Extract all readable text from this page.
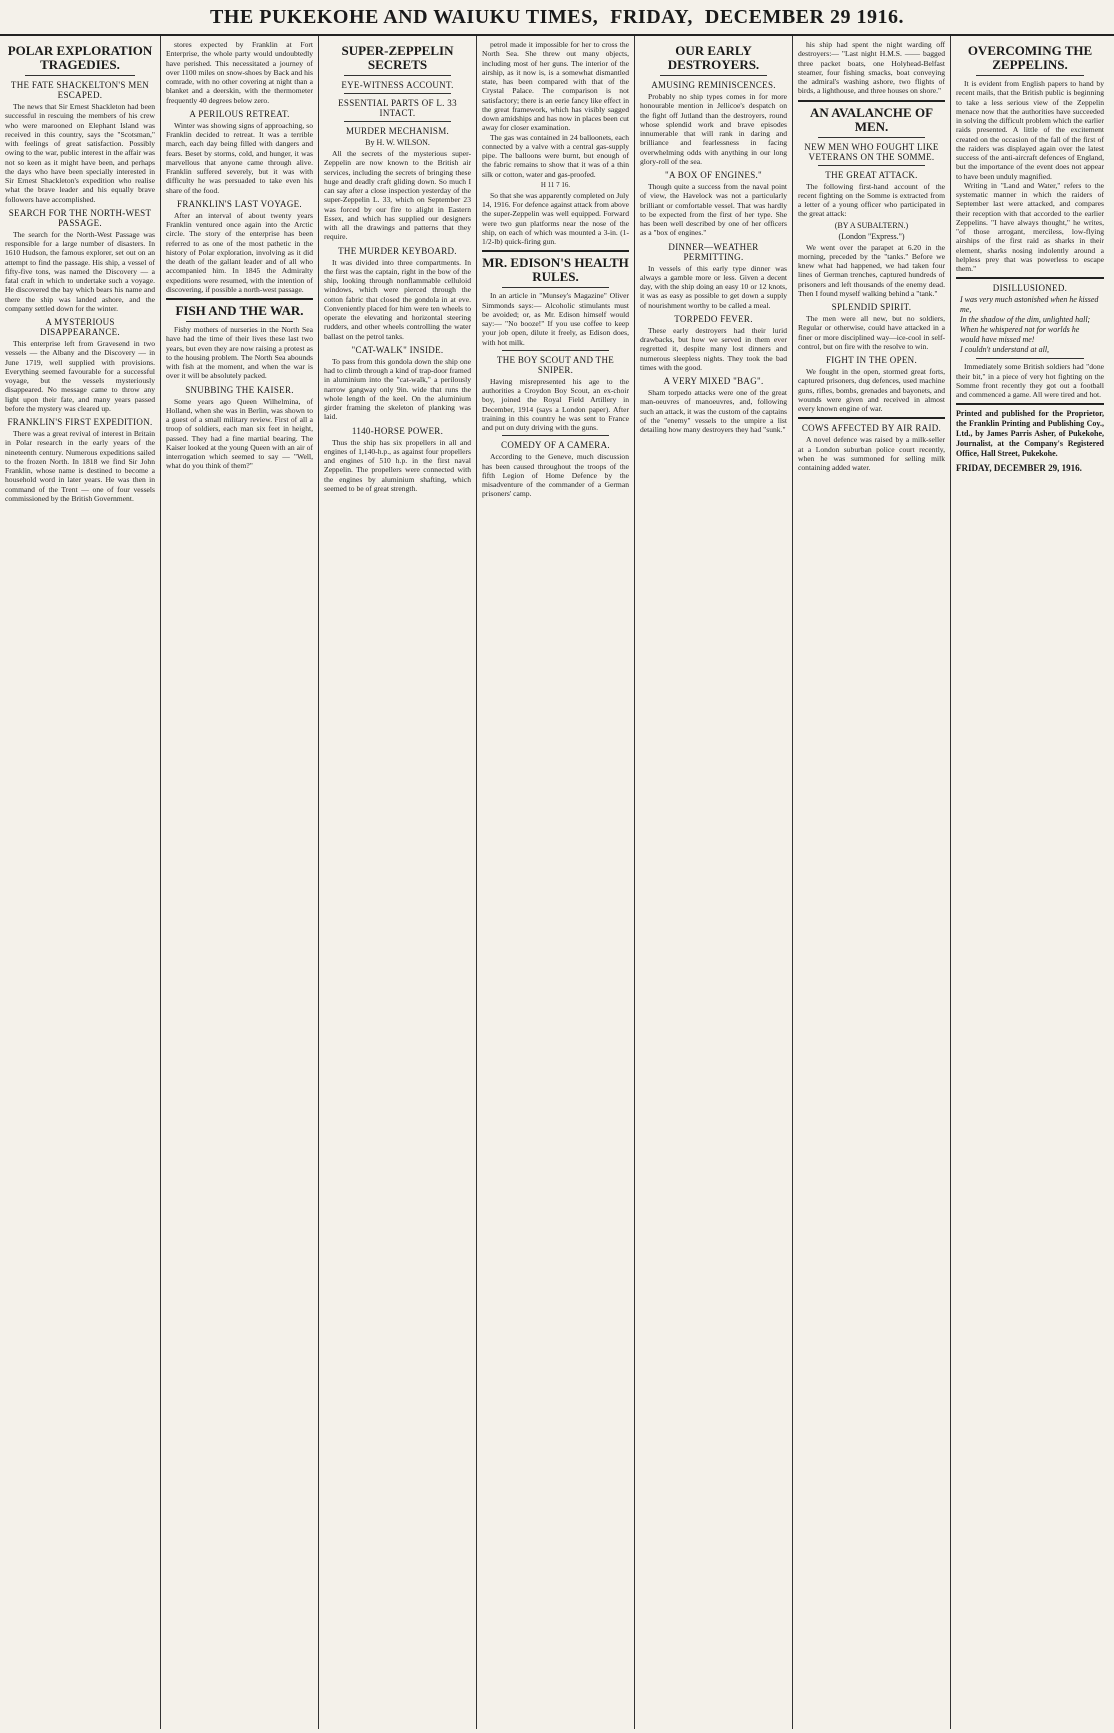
THE PUKEKOHE AND WAIUKU TIMES, FRIDAY, DECEMBER 29 1916.
POLAR EXPLORATION TRAGEDIES.
THE FATE SHACKELTON'S MEN ESCAPED.

The news that Sir Ernest Shackleton had been successful in rescuing the members of his crew who were marooned on Elephant Island was received in this country, says the "Scotsman," with feelings of great satisfaction. Possibly owing to the war, public interest in the affair was not so keen as it might have been, and perhaps the days who have been specially interested in Sir Ernest Shackleton's expedition who realise what the brave leader and his equally brave followers have accomplished.

SEARCH FOR THE NORTH-WEST PASSAGE.

The search for the North-West Passage was responsible for a large number of disasters. In 1610 Hudson, the famous explorer, set out on an attempt to find the passage. His ship, a vessel of fifty-five tons, was named the Discovery — a fatal craft in which to undertake such a voyage. He discovered the bay which bears his name and there the ship was landed ashore, and the company settled down for the winter.

A MYSTERIOUS DISAPPEARANCE.

This enterprise left from Gravesend in two vessels — the Albany and the Discovery — in June 1719, well supplied with provisions. Everything seemed favourable for a successful voyage, but the vessels mysteriously disappeared. No message came to throw any light upon their fate, and many years passed before the mystery was cleared up.

FRANKLIN'S FIRST EXPEDITION.

There was a great revival of interest in Britain in Polar research in the early years of the nineteenth century. Numerous expeditions sailed to the frozen North. In 1818 we find Sir John Franklin, whose name is destined to become a household word in later years. He was then in command of the Trent — one of four vessels commissioned by the British Government.

stores expected by Franklin at Fort Enterprise, the whole party would undoubtedly have perished. This necessitated a journey of over 1100 miles on snow-shoes by Back and his comrade, with no other covering at night than a blanket and a deerskin, with the thermometer frequently 40 degrees below zero.

A PERILOUS RETREAT.

Winter was showing signs of approaching, so Franklin decided to retreat. It was a terrible march, each day being filled with dangers and fears. Beset by storms, cold, and hunger, it was marvellous that anyone came through alive. Franklin suffered severely, but it was with difficulty he was persuaded to take even his share of the food.

FRANKLIN'S LAST VOYAGE.

After an interval of about twenty years Franklin ventured once again into the Arctic circle. The story of the enterprise has been referred to as one of the most pathetic in the history of Polar exploration, involving as it did the death of the gallant leader and of all who accompanied him. In 1845 the Admiralty expeditions were resumed, with the intention of discovering, if possible a north-west passage.

FISH AND THE WAR.

Fishy mothers of nurseries in the North Sea have had the time of their lives these last two years, but even they are now raising a protest as to the housing problem. The North Sea abounds with fish at the moment, and when the war is over it will be absolutely packed.

SNUBBING THE KAISER.

Some years ago Queen Wilhelmina, of Holland, when she was in Berlin, was shown to a guest of a small military review. First of all a troop of soldiers, each man six feet in height, passed. They had a fine martial bearing. The Kaiser looked at the young Queen with an air of interrogation which seemed to say — "Well, what do you think of them?"

SUPER-ZEPPELIN SECRETS
EYE-WITNESS ACCOUNT.
ESSENTIAL PARTS OF L. 33 INTACT.
MURDER MECHANISM.
By H. W. WILSON.

All the secrets of the mysterious super-Zeppelin are now known to the British air services, including the secrets of bringing these huge and deadly craft gliding down. So much I can say after a close inspection yesterday of the super-Zeppelin L. 33, which on September 23 was forced by our fire to alight in Eastern Essex, and which has supplied our designers with all the drawings and patterns that they require.

THE MURDER KEYBOARD.

It was divided into three compartments. In the first was the captain, right in the bow of the ship, looking through nonflammable celluloid windows, which were pierced through the cotton fabric that closed the gondola in at eve. Conveniently placed for him were ten wheels to operate the elevating and horizontal steering rudders, and other wheels controlling the water ballast on the petrol tanks.

"CAT-WALK" INSIDE.

To pass from this gondola down the ship one had to climb through a kind of trap-door framed in aluminium into the "cat-walk," a perilously narrow gangway only 9in. wide that runs the whole length of the keel. On the aluminium girder framing the skeleton of planking was laid.

1140-HORSE POWER.

Thus the ship has six propellers in all and engines of 1,140-h.p., as against four propellers and engines of 510 h.p. in the first naval Zeppelin. The propellers were connected with the engines by aluminium shafting, which seemed to be of great strength.

petrol made it impossible for her to cross the North Sea. She threw out many objects, including most of her guns. The interior of the airship, as it now is, is a somewhat dismantled state, has been compared with that of the Crystal Palace. The comparison is not satisfactory; there is an eerie fancy like effect in the great framework, which has visibly sagged down amidships and has now in places been cut away for closer examination.

The gas was contained in 24 balloonets, each connected by a valve with a central gas-supply pipe. The balloons were burnt, but enough of the fabric remains to show that it was of a thin silk or cotton, water and gas-proofed.

H 11 7 16.

So that she was apparently completed on July 14, 1916. For defence against attack from above the super-Zeppelin was well equipped. Forward were two gun platforms near the nose of the ship, on each of which was mounted a 3-in. (1-1/2-lb) quick-firing gun.

MR. EDISON'S HEALTH RULES.

In an article in "Munsey's Magazine" Oliver Simmonds says:— Alcoholic stimulants must be avoided; or, as Mr. Edison himself would say:— "No booze!" If you use coffee to keep your job open, dilute it freely, as Edison does, with hot milk.

THE BOY SCOUT AND THE SNIPER.

Having misrepresented his age to the authorities a Croydon Boy Scout, an ex-choir boy, joined the Royal Field Artillery in December, 1914 (says a London paper). After training in this country he was sent to France and put on duty driving with the guns.

COMEDY OF A CAMERA.

According to the Geneve, much discussion has been caused throughout the troops of the fifth Legion of Home Defence by the misadventure of the commander of a German prisoners' camp.

OUR EARLY DESTROYERS.
AMUSING REMINISCENCES.

Probably no ship types comes in for more honourable mention in Jellicoe's despatch on the fight off Jutland than the destroyers, round whose splendid work and brave episodes innumerable that will rank in daring and brilliance and fearlessness in facing overwhelming odds with anything in our long glory-roll of the sea.

"A BOX OF ENGINES."

Though quite a success from the naval point of view, the Havelock was not a particularly brilliant or comfortable vessel. That was hardly to be expected from the first of her type. She has been well described by one of her officers as a "box of engines."

DINNER—WEATHER PERMITTING.

In vessels of this early type dinner was always a gamble more or less. Given a decent day, with the ship doing an easy 10 or 12 knots, it was as easy as possible to get down a supply of nourishment worthy to be called a meal.

TORPEDO FEVER.

These early destroyers had their lurid drawbacks, but how we served in them ever regretted it, despite many lost dinners and numerous sleepless nights. They took the bad times with the good.

A VERY MIXED "BAG".

Sham torpedo attacks were one of the great man-oeuvres of manoeuvres, and, following such an attack, it was the custom of the captains of the "enemy" vessels to the umpire a list detailing how many destroyers they had "sunk."

his ship had spent the night warding off destroyers:— "Last night H.M.S. —— bagged three packet boats, one Holyhead-Belfast steamer, four fishing smacks, boat conveying the admiral's washing ashore, two flights of birds, a lighthouse, and three houses on shore."

AN AVALANCHE OF MEN.
NEW MEN WHO FOUGHT LIKE VETERANS ON THE SOMME.
THE GREAT ATTACK.

The following first-hand account of the recent fighting on the Somme is extracted from a letter of a young officer who participated in the great attack:

(BY A SUBALTERN.)
(London "Express.")

We went over the parapet at 6.20 in the morning, preceded by the "tanks." Before we knew what had happened, we had taken four lines of German trenches, captured hundreds of prisoners and left thousands of the enemy dead. Then I found myself walking behind a "tank."

SPLENDID SPIRIT.

The men were all new, but no soldiers, Regular or otherwise, could have attacked in a finer or more disciplined way—ice-cool in self-control, but on fire with the resolve to win.

FIGHT IN THE OPEN.

We fought in the open, stormed great forts, captured prisoners, dug defences, used machine guns, rifles, bombs, grenades and bayonets, and wounds were given and received in almost every known engine of war.

COWS AFFECTED BY AIR RAID.

A novel defence was raised by a milk-seller at a London suburban police court recently, when he was summoned for selling milk containing added water.

OVERCOMING THE ZEPPELINS.

It is evident from English papers to hand by recent mails, that the British public is beginning to take a less serious view of the Zeppelin menace now that the authorities have succeeded in solving the difficult problem which the earlier raids presented. A little of the excitement created on the occasion of the fall of the first of the raiders was displayed again over the latest success of the anti-aircraft defences of England, but the importance of the event does not appear to have been unduly magnified.

Writing in "Land and Water," refers to the systematic manner in which the raiders of September last were attacked, and compares their reception with that accorded to the earlier Zeppelins. "I have always thought," he writes, "of those arrogant, merciless, low-flying airships of the first raid as sharks in their element, sharks nosing indolently around a helpless prey that was powerless to escape them."

DISILLUSIONED.
I was very much astonished when he kissed me,
In the shadow of the dim, unlighted hall;
When he whispered not for worlds he would have missed me!
I couldn't understand at all,

Immediately some British soldiers had "done their bit," in a piece of very hot fighting on the Somme front recently they got out a football and commenced a game. All were tired and hot.

Printed and published for the Proprietor, the Franklin Printing and Publishing Coy., Ltd., by James Parris Asher, of Pukekohe, Journalist, at the Company's Registered Office, Hall Street, Pukekohe.
FRIDAY, DECEMBER 29, 1916.
